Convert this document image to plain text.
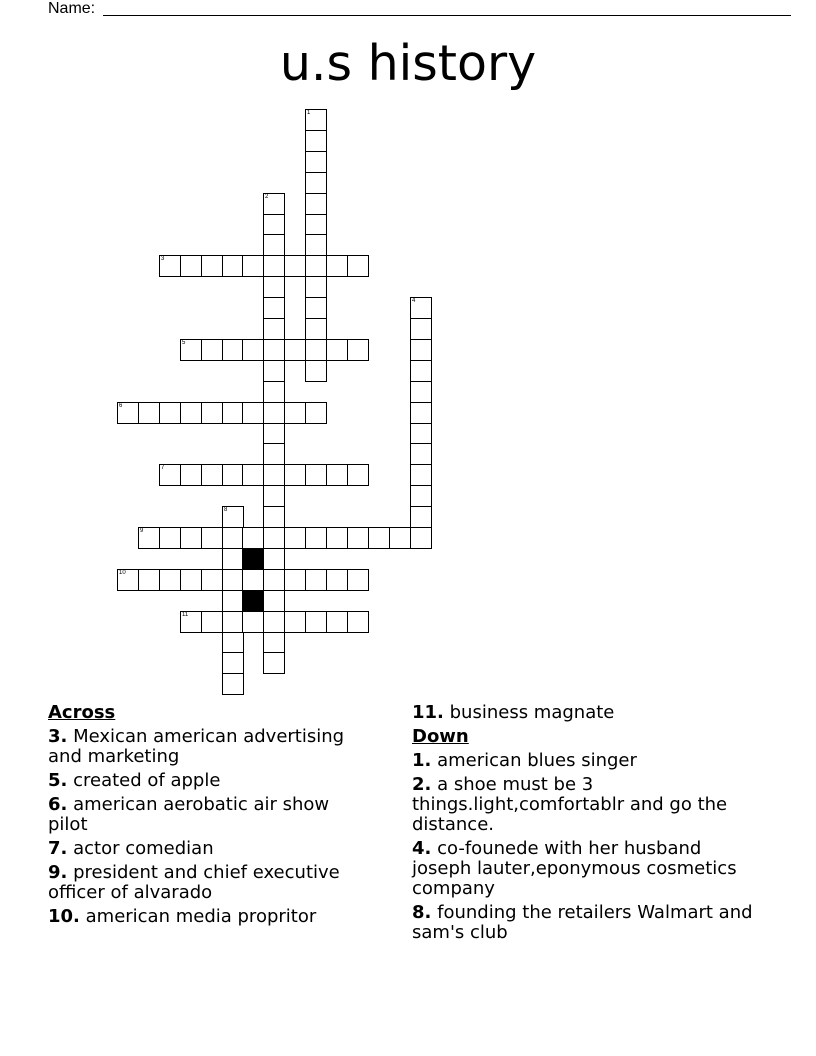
Name:
u.s history
1
2
3
4
5
6
7
8
9
10
11
Across
3. Mexican american advertising and marketing
5. created of apple
6. american aerobatic air show pilot
7. actor comedian
9. president and chief executive officer of alvarado
10. american media propritor
11. business magnate
Down
1. american blues singer
2. a shoe must be 3 things.light,comfortablr and go the distance.
4. co-founede with her husband joseph lauter,eponymous cosmetics company
8. founding the retailers Walmart and sam's club
